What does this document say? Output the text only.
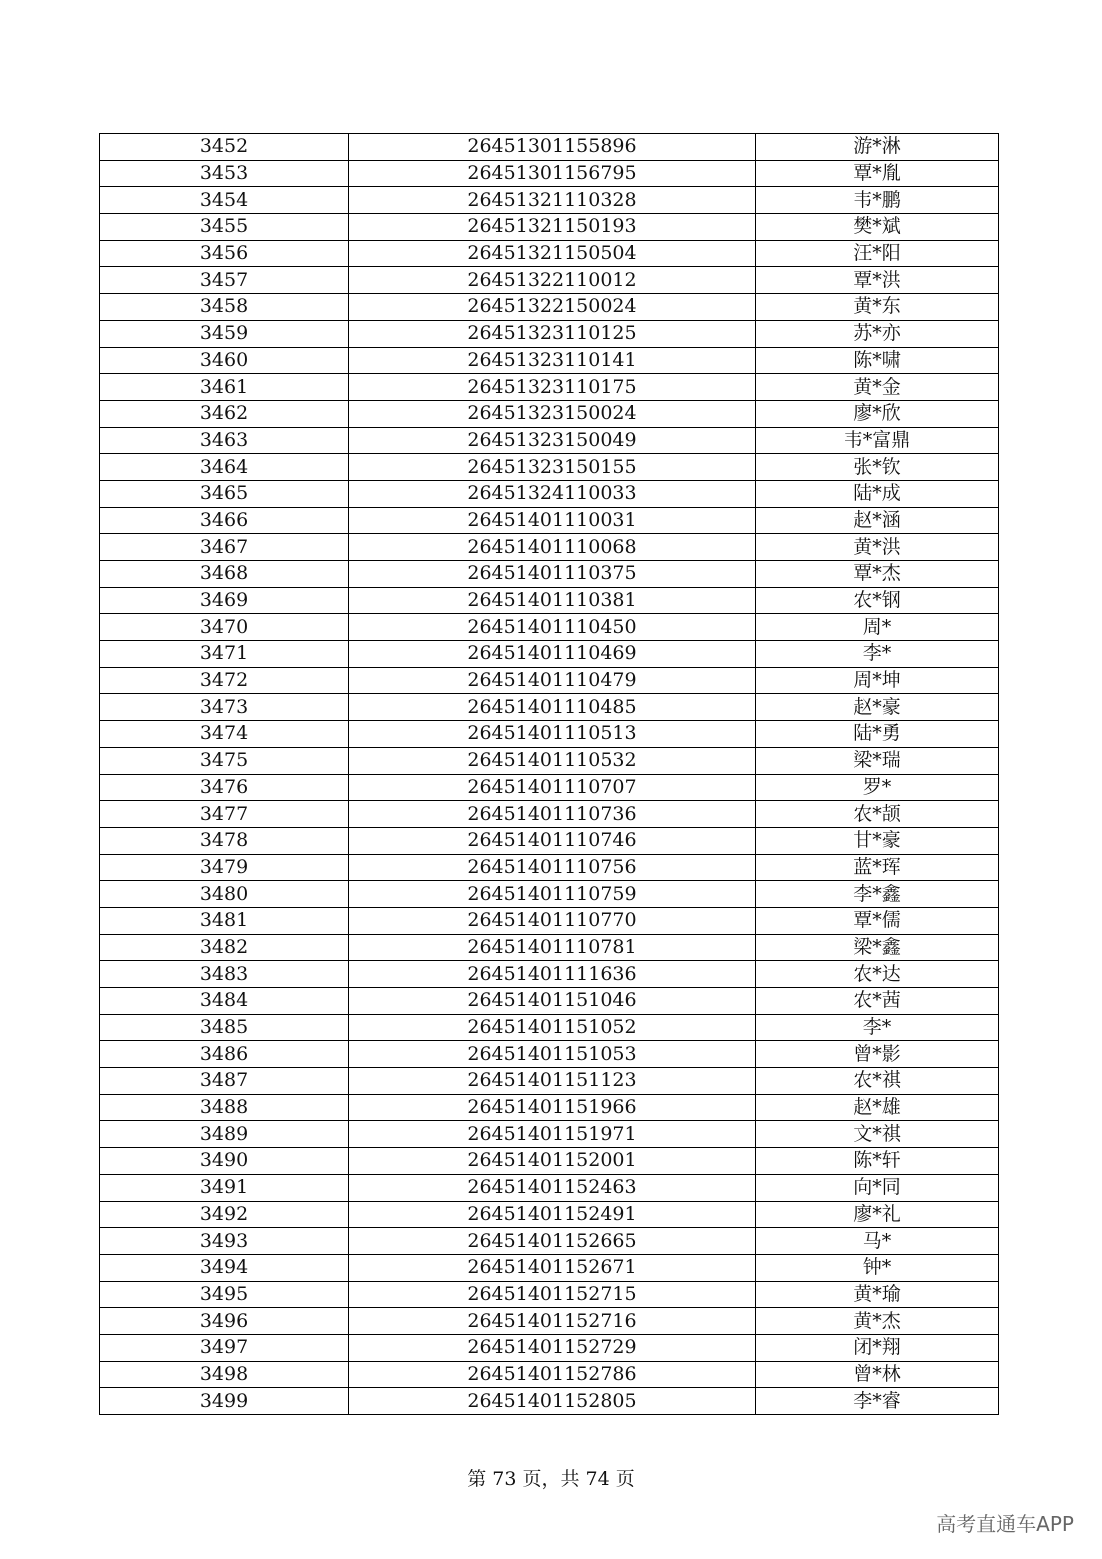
3452	26451301155896	游*淋
3453	26451301156795	覃*胤
3454	26451321110328	韦*鹏
3455	26451321150193	樊*斌
3456	26451321150504	汪*阳
3457	26451322110012	覃*洪
3458	26451322150024	黄*东
3459	26451323110125	苏*亦
3460	26451323110141	陈*啸
3461	26451323110175	黄*金
3462	26451323150024	廖*欣
3463	26451323150049	韦*富鼎
3464	26451323150155	张*钦
3465	26451324110033	陆*成
3466	26451401110031	赵*涵
3467	26451401110068	黄*洪
3468	26451401110375	覃*杰
3469	26451401110381	农*钢
3470	26451401110450	周*
3471	26451401110469	李*
3472	26451401110479	周*坤
3473	26451401110485	赵*豪
3474	26451401110513	陆*勇
3475	26451401110532	梁*瑞
3476	26451401110707	罗*
3477	26451401110736	农*颉
3478	26451401110746	甘*豪
3479	26451401110756	蓝*珲
3480	26451401110759	李*鑫
3481	26451401110770	覃*儒
3482	26451401110781	梁*鑫
3483	26451401111636	农*达
3484	26451401151046	农*茜
3485	26451401151052	李*
3486	26451401151053	曾*影
3487	26451401151123	农*祺
3488	26451401151966	赵*雄
3489	26451401151971	文*祺
3490	26451401152001	陈*轩
3491	26451401152463	向*同
3492	26451401152491	廖*礼
3493	26451401152665	马*
3494	26451401152671	钟*
3495	26451401152715	黄*瑜
3496	26451401152716	黄*杰
3497	26451401152729	闭*翔
3498	26451401152786	曾*林
3499	26451401152805	李*睿
第 73 页，共 74 页
高考直通车APP
